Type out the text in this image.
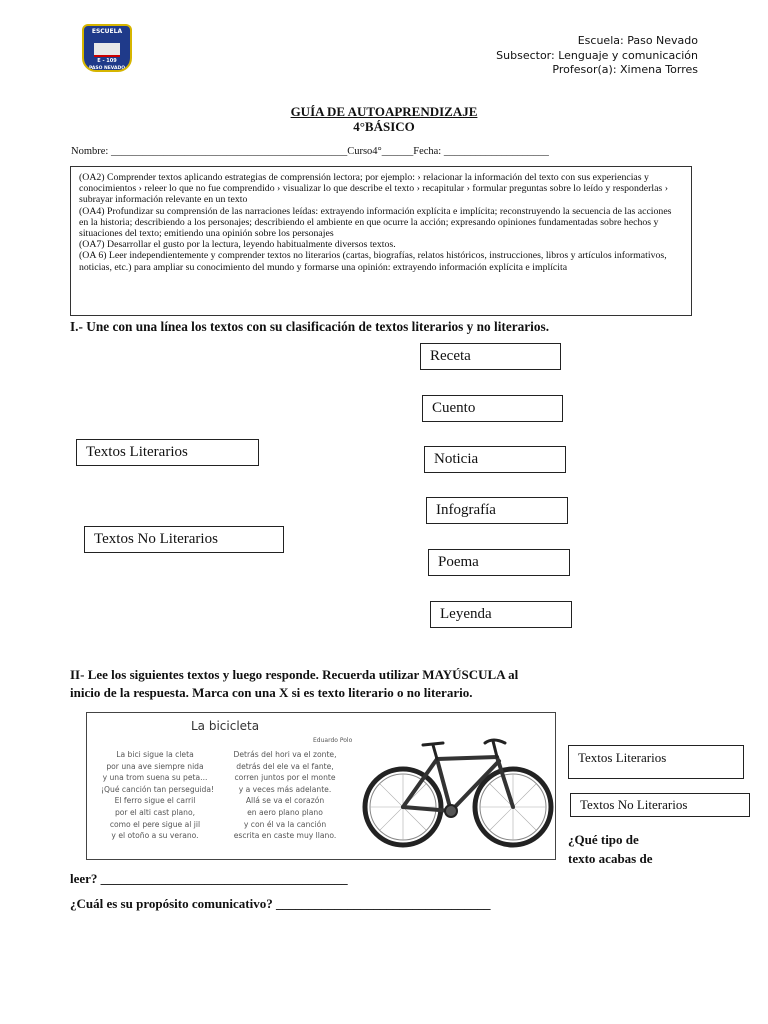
ESCUELA
E - 109
PASO NEVADO
Escuela: Paso Nevado
Subsector: Lenguaje y comunicación
Profesor(a): Ximena Torres
GUÍA DE AUTOAPRENDIZAJE
4°BÁSICO
Nombre: _____________________________________________Curso4°______Fecha: ____________________

(OA2) Comprender textos aplicando estrategias de comprensión lectora; por ejemplo: › relacionar la información del texto con sus experiencias y conocimientos › releer lo que no fue comprendido › visualizar lo que describe el texto › recapitular › formular preguntas sobre lo leído y responderlas › subrayar información relevante en un texto

(OA4) Profundizar su comprensión de las narraciones leídas: extrayendo información explícita e implícita; reconstruyendo la secuencia de las acciones en la historia; describiendo a los personajes; describiendo el ambiente en que ocurre la acción; expresando opiniones fundamentadas sobre hechos y situaciones del texto; emitiendo una opinión sobre los personajes

(OA7) Desarrollar el gusto por la lectura, leyendo habitualmente diversos textos.

(OA 6) Leer independientemente y comprender textos no literarios (cartas, biografías, relatos históricos, instrucciones, libros y artículos informativos, noticias, etc.) para ampliar su conocimiento del mundo y formarse una opinión: extrayendo información explícita e implícita

I.- Une con una línea los textos con su clasificación de textos literarios y no literarios.
Textos Literarios
Textos No Literarios
Receta
Cuento
Noticia
Infografía
Poema
Leyenda
II- Lee los siguientes textos y luego responde. Recuerda utilizar MAYÚSCULA al
inicio de la respuesta. Marca con una X si es texto literario o no literario.
La bicicleta
Eduardo Polo
La bici sigue la cleta
por una ave siempre nida
y una trom suena su peta...
¡Qué canción tan perseguida!
El ferro sigue el carril
por el alti cast plano,
como el pere sigue al jil
y el otoño a su verano.
Detrás del hori va el zonte,
detrás del ele va el fante,
corren juntos por el monte
y a veces más adelante.
Allá se va el corazón
en aero plano plano
y con él va la canción
escrita en caste muy llano.
Textos Literarios
Textos No Literarios
¿Qué tipo de
texto acabas de
leer? ______________________________________
¿Cuál es su propósito comunicativo? _________________________________
